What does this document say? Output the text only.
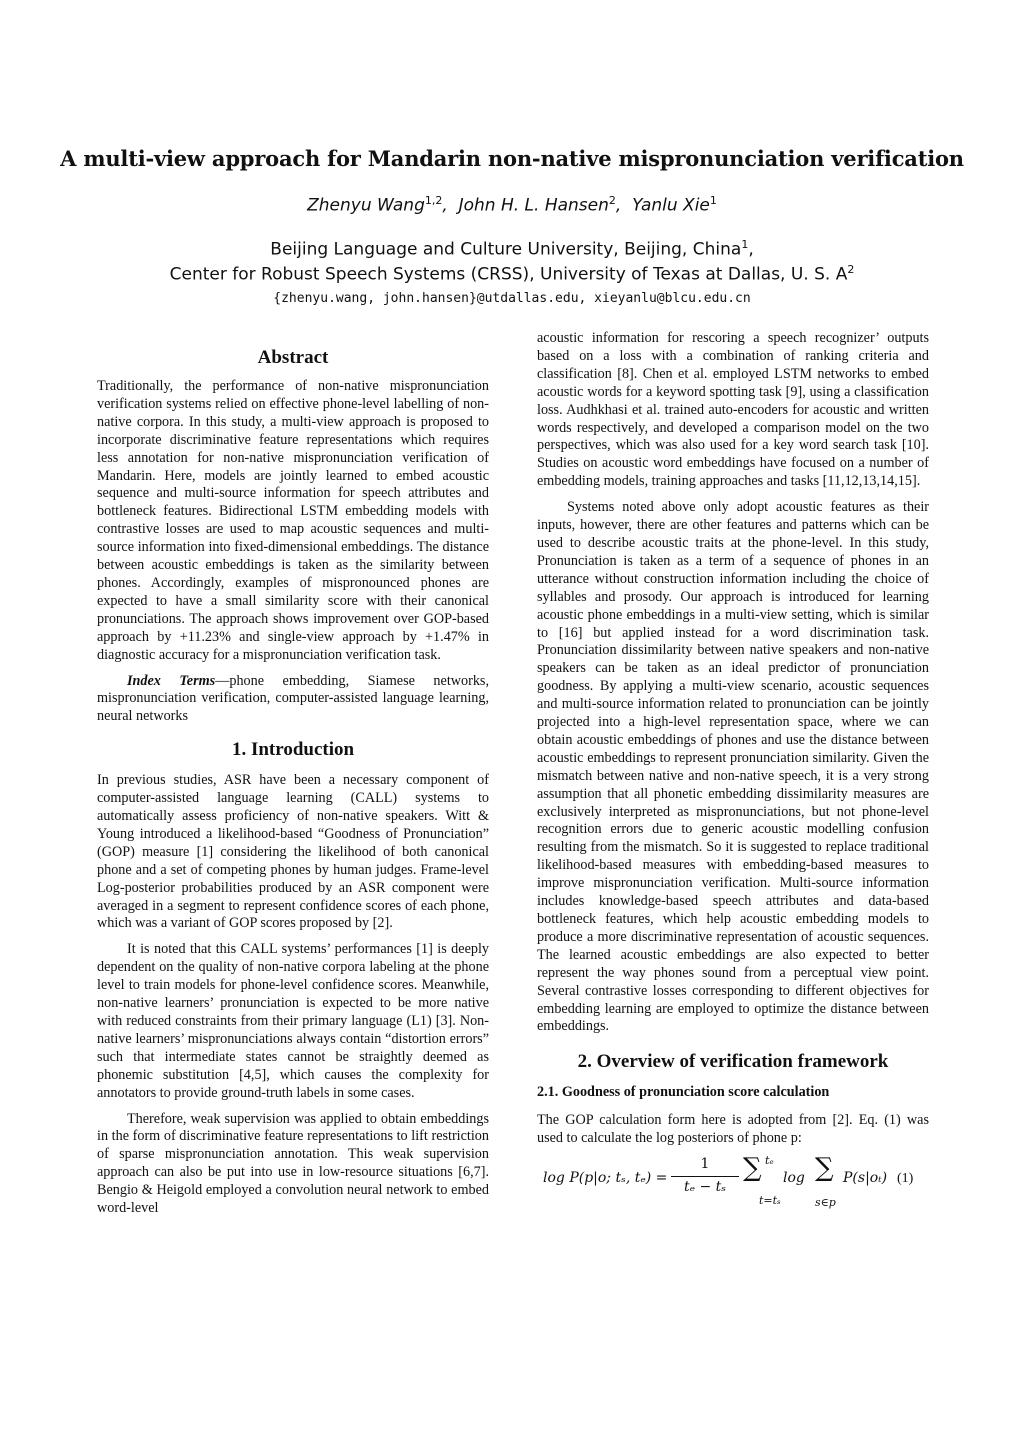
A multi-view approach for Mandarin non-native mispronunciation verification
Zhenyu Wang$^{1,2}$,  John H. L. Hansen$^2$,  Yanlu Xie$^1$
Beijing Language and Culture University, Beijing, China$^1$,
Center for Robust Speech Systems (CRSS), University of Texas at Dallas, U. S. $A^2$
{zhenyu.wang, john.hansen}@utdallas.edu, xieyanlu@blcu.edu.cn
Abstract

Traditionally, the performance of non-native mispronunciation verification systems relied on effective phone-level labelling of non-native corpora. In this study, a multi-view approach is proposed to incorporate discriminative feature representations which requires less annotation for non-native mispronunciation verification of Mandarin. Here, models are jointly learned to embed acoustic sequence and multi-source information for speech attributes and bottleneck features. Bidirectional LSTM embedding models with contrastive losses are used to map acoustic sequences and multi-source information into fixed-dimensional embeddings. The distance between acoustic embeddings is taken as the similarity between phones. Accordingly, examples of mispronounced phones are expected to have a small similarity score with their canonical pronunciations. The approach shows improvement over GOP-based approach by +11.23% and single-view approach by +1.47% in diagnostic accuracy for a mispronunciation verification task.

Index Terms—phone embedding, Siamese networks, mispronunciation verification, computer-assisted language learning, neural networks

1. Introduction

In previous studies, ASR have been a necessary component of computer-assisted language learning (CALL) systems to automatically assess proficiency of non-native speakers. Witt & Young introduced a likelihood-based “Goodness of Pronunciation” (GOP) measure [1] considering the likelihood of both canonical phone and a set of competing phones by human judges. Frame-level Log-posterior probabilities produced by an ASR component were averaged in a segment to represent confidence scores of each phone, which was a variant of GOP scores proposed by [2].

It is noted that this CALL systems’ performances [1] is deeply dependent on the quality of non-native corpora labeling at the phone level to train models for phone-level confidence scores. Meanwhile, non-native learners’ pronunciation is expected to be more native with reduced constraints from their primary language (L1) [3]. Non-native learners’ mispronunciations always contain “distortion errors” such that intermediate states cannot be straightly deemed as phonemic substitution [4,5], which causes the complexity for annotators to provide ground-truth labels in some cases.

Therefore, weak supervision was applied to obtain embeddings in the form of discriminative feature representations to lift restriction of sparse mispronunciation annotation. This weak supervision approach can also be put into use in low-resource situations [6,7]. Bengio & Heigold employed a convolution neural network to embed word-level

acoustic information for rescoring a speech recognizer’ outputs based on a loss with a combination of ranking criteria and classification [8]. Chen et al. employed LSTM networks to embed acoustic words for a keyword spotting task [9], using a classification loss. Audhkhasi et al. trained auto-encoders for acoustic and written words respectively, and developed a comparison model on the two perspectives, which was also used for a key word search task [10]. Studies on acoustic word embeddings have focused on a number of embedding models, training approaches and tasks [11,12,13,14,15].

Systems noted above only adopt acoustic features as their inputs, however, there are other features and patterns which can be used to describe acoustic traits at the phone-level. In this study, Pronunciation is taken as a term of a sequence of phones in an utterance without construction information including the choice of syllables and prosody. Our approach is introduced for learning acoustic phone embeddings in a multi-view setting, which is similar to [16] but applied instead for a word discrimination task. Pronunciation dissimilarity between native speakers and non-native speakers can be taken as an ideal predictor of pronunciation goodness. By applying a multi-view scenario, acoustic sequences and multi-source information related to pronunciation can be jointly projected into a high-level representation space, where we can obtain acoustic embeddings of phones and use the distance between acoustic embeddings to represent pronunciation similarity. Given the mismatch between native and non-native speech, it is a very strong assumption that all phonetic embedding dissimilarity measures are exclusively interpreted as mispronunciations, but not phone-level recognition errors due to generic acoustic modelling confusion resulting from the mismatch. So it is suggested to replace traditional likelihood-based measures with embedding-based measures to improve mispronunciation verification. Multi-source information includes knowledge-based speech attributes and data-based bottleneck features, which help acoustic embedding models to produce a more discriminative representation of acoustic sequences. The learned acoustic embeddings are also expected to better represent the way phones sound from a perceptual view point. Several contrastive losses corresponding to different objectives for embedding learning are employed to optimize the distance between embeddings.

2. Overview of verification framework
2.1. Goodness of pronunciation score calculation

The GOP calculation form here is adopted from [2]. Eq. (1) was used to calculate the log posteriors of phone p:

log P(p|o; tₛ, tₑ) =
1
tₑ − tₛ
∑ tₑ
t=tₛ
log ∑
s∈p
P(s|oₜ) (1)
